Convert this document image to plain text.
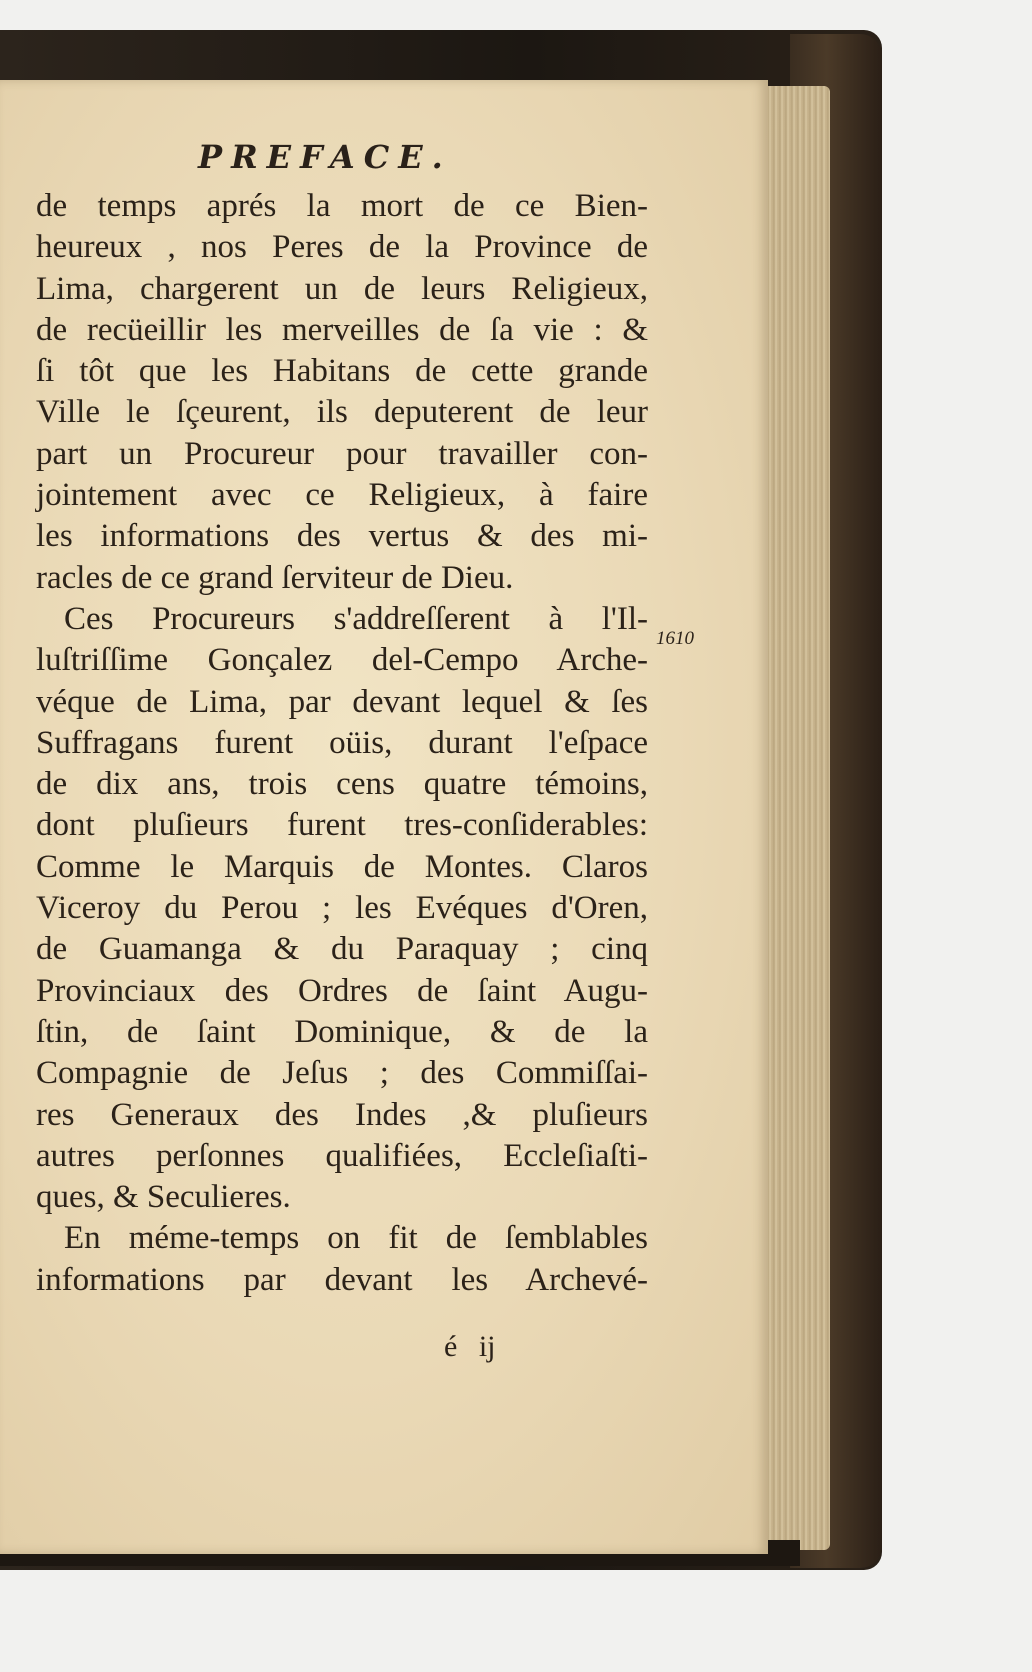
PREFACE.
de temps aprés la mort de ce Bien-
heureux , nos Peres de la Province de
Lima, chargerent un de leurs Religieux,
de recüeillir les merveilles de ſa vie : &
ſi tôt que les Habitans de cette grande
Ville le ſçeurent, ils deputerent de leur
part un Procureur pour travailler con-
jointement avec ce Religieux, à faire
les informations des vertus & des mi-
racles de ce grand ſerviteur de Dieu.
Ces Procureurs s'addreſſerent à l'Il-
luſtriſſime Gonçalez del-Cempo Arche-
véque de Lima, par devant lequel & ſes
Suffragans furent oüis, durant l'eſpace
de dix ans, trois cens quatre témoins,
dont pluſieurs furent tres-conſiderables:
Comme le Marquis de Montes. Claros
Viceroy du Perou ; les Evéques d'Oren,
de Guamanga & du Paraquay ; cinq
Provinciaux des Ordres de ſaint Augu-
ſtin, de ſaint Dominique, & de la
Compagnie de Jeſus ; des Commiſſai-
res Generaux des Indes ,& pluſieurs
autres perſonnes qualifiées, Eccleſiaſti-
ques, & Seculieres.
En méme-temps on fit de ſemblables
informations par devant les Archevé-
1610
é ij
